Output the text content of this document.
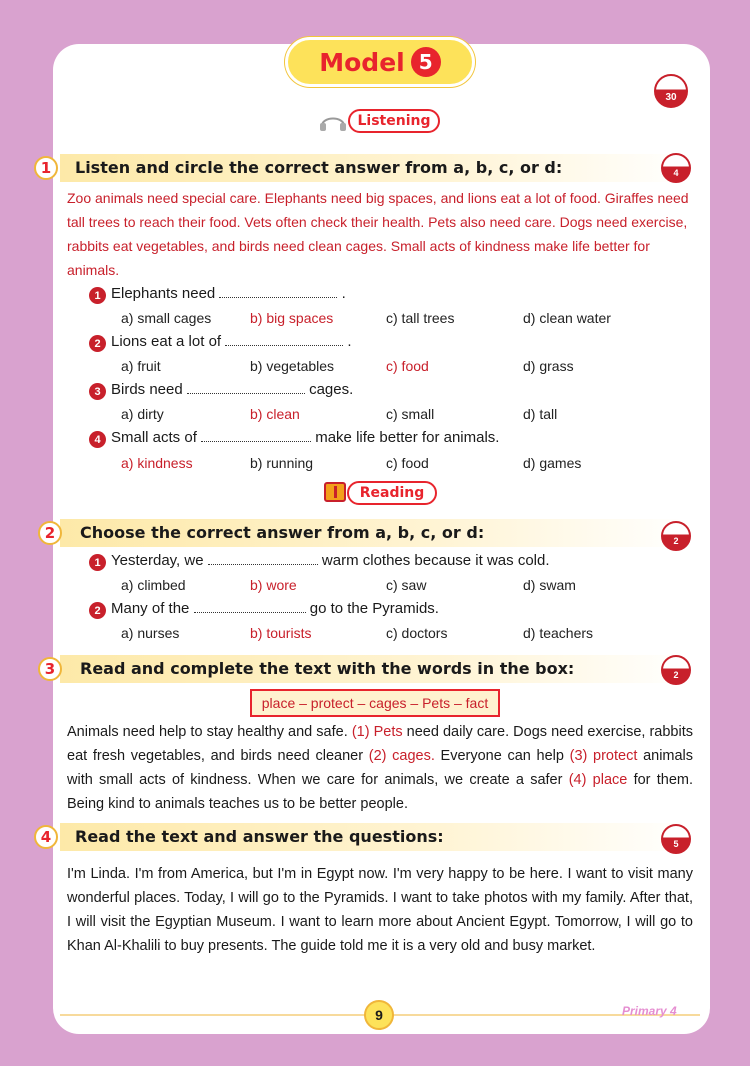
Model 5
30
Listening
1	Listen and circle the correct answer from a, b, c, or d:	4
Zoo animals need special care. Elephants need big spaces, and lions eat a lot of food. Giraffes need tall trees to reach their food. Vets often check their health. Pets also need care. Dogs need exercise, rabbits eat vegetables, and birds need clean cages. Small acts of kindness make life better for animals.
1 Elephants need	.
a) small cages	b) big spaces	c) tall trees	d) clean water
2 Lions eat a lot of	.
a) fruit	b) vegetables	c) food	d) grass
3 Birds need	cages.
a) dirty	b) clean	c) small	d) tall
4 Small acts of	make life better for animals.
a) kindness	b) running	c) food	d) games
Reading
2	Choose the correct answer from a, b, c, or d:	2
1 Yesterday, we	warm clothes because it was cold.
a) climbed	b) wore	c) saw	d) swam
2 Many of the	go to the Pyramids.
a) nurses	b) tourists	c) doctors	d) teachers
3	Read and complete the text with the words in the box:	2
place – protect – cages – Pets – fact
Animals need help to stay healthy and safe. (1) Pets need daily care. Dogs need exercise, rabbits eat fresh vegetables, and birds need cleaner (2) cages. Everyone can help (3) protect animals with small acts of kindness. When we care for animals, we create a safer (4) place for them. Being kind to animals teaches us to be better people.
4	Read the text and answer the questions:	5
I'm Linda. I'm from America, but I'm in Egypt now. I'm very happy to be here. I want to visit many wonderful places. Today, I will go to the Pyramids. I want to take photos with my family. After that, I will visit the Egyptian Museum. I want to learn more about Ancient Egypt. Tomorrow, I will go to Khan Al-Khalili to buy presents. The guide told me it is a very old and busy market.
9	Primary 4
